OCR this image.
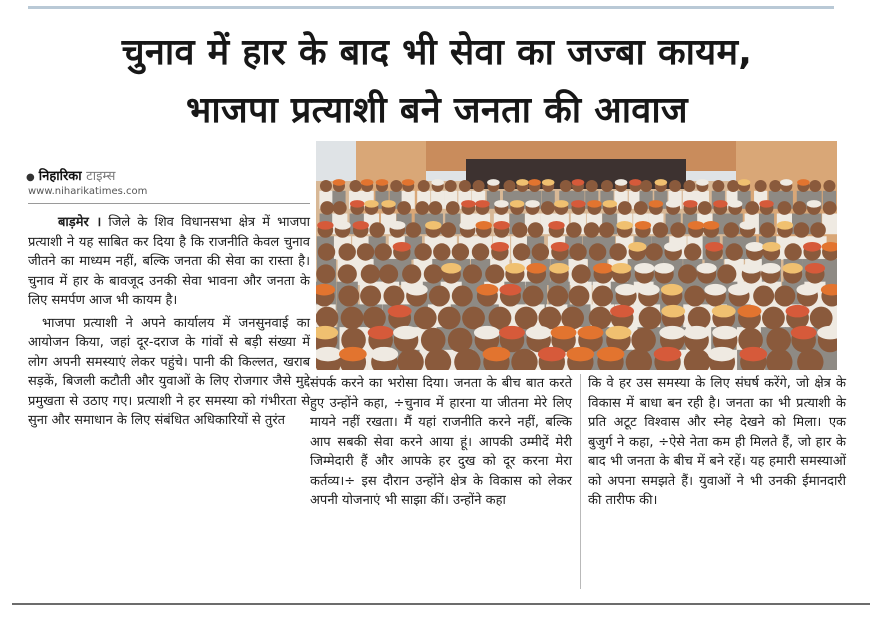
चुनाव में हार के बाद भी सेवा का जज्बा कायम,
भाजपा प्रत्याशी बने जनता की आवाज
● निहारिका टाइम्स
www.niharikatimes.com

बाड़मेर । जिले के शिव विधानसभा क्षेत्र में भाजपा प्रत्याशी ने यह साबित कर दिया है कि राजनीति केवल चुनाव जीतने का माध्यम नहीं, बल्कि जनता की सेवा का रास्ता है। चुनाव में हार के बावजूद उनकी सेवा भावना और जनता के लिए समर्पण आज भी कायम है।

भाजपा प्रत्याशी ने अपने कार्यालय में जनसुनवाई का आयोजन किया, जहां दूर-दराज के गांवों से बड़ी संख्या में लोग अपनी समस्याएं लेकर पहुंचे। पानी की किल्लत, खराब सड़कें, बिजली कटौती और युवाओं के लिए रोजगार जैसे मुद्दे प्रमुखता से उठाए गए। प्रत्याशी ने हर समस्या को गंभीरता से सुना और समाधान के लिए संबंधित अधिकारियों से तुरंत

संपर्क करने का भरोसा दिया। जनता के बीच बात करते हुए उन्होंने कहा, ÷चुनाव में हारना या जीतना मेरे लिए मायने नहीं रखता। मैं यहां राजनीति करने नहीं, बल्कि आप सबकी सेवा करने आया हूं। आपकी उम्मीदें मेरी जिम्मेदारी हैं और आपके हर दुख को दूर करना मेरा कर्तव्य।÷ इस दौरान उन्होंने क्षेत्र के विकास को लेकर अपनी योजनाएं भी साझा कीं। उन्होंने कहा

कि वे हर उस समस्या के लिए संघर्ष करेंगे, जो क्षेत्र के विकास में बाधा बन रही है। जनता का भी प्रत्याशी के प्रति अटूट विश्वास और स्नेह देखने को मिला। एक बुजुर्ग ने कहा, ÷ऐसे नेता कम ही मिलते हैं, जो हार के बाद भी जनता के बीच में बने रहें। यह हमारी समस्याओं को अपना समझते हैं। युवाओं ने भी उनकी ईमानदारी की तारीफ की।
